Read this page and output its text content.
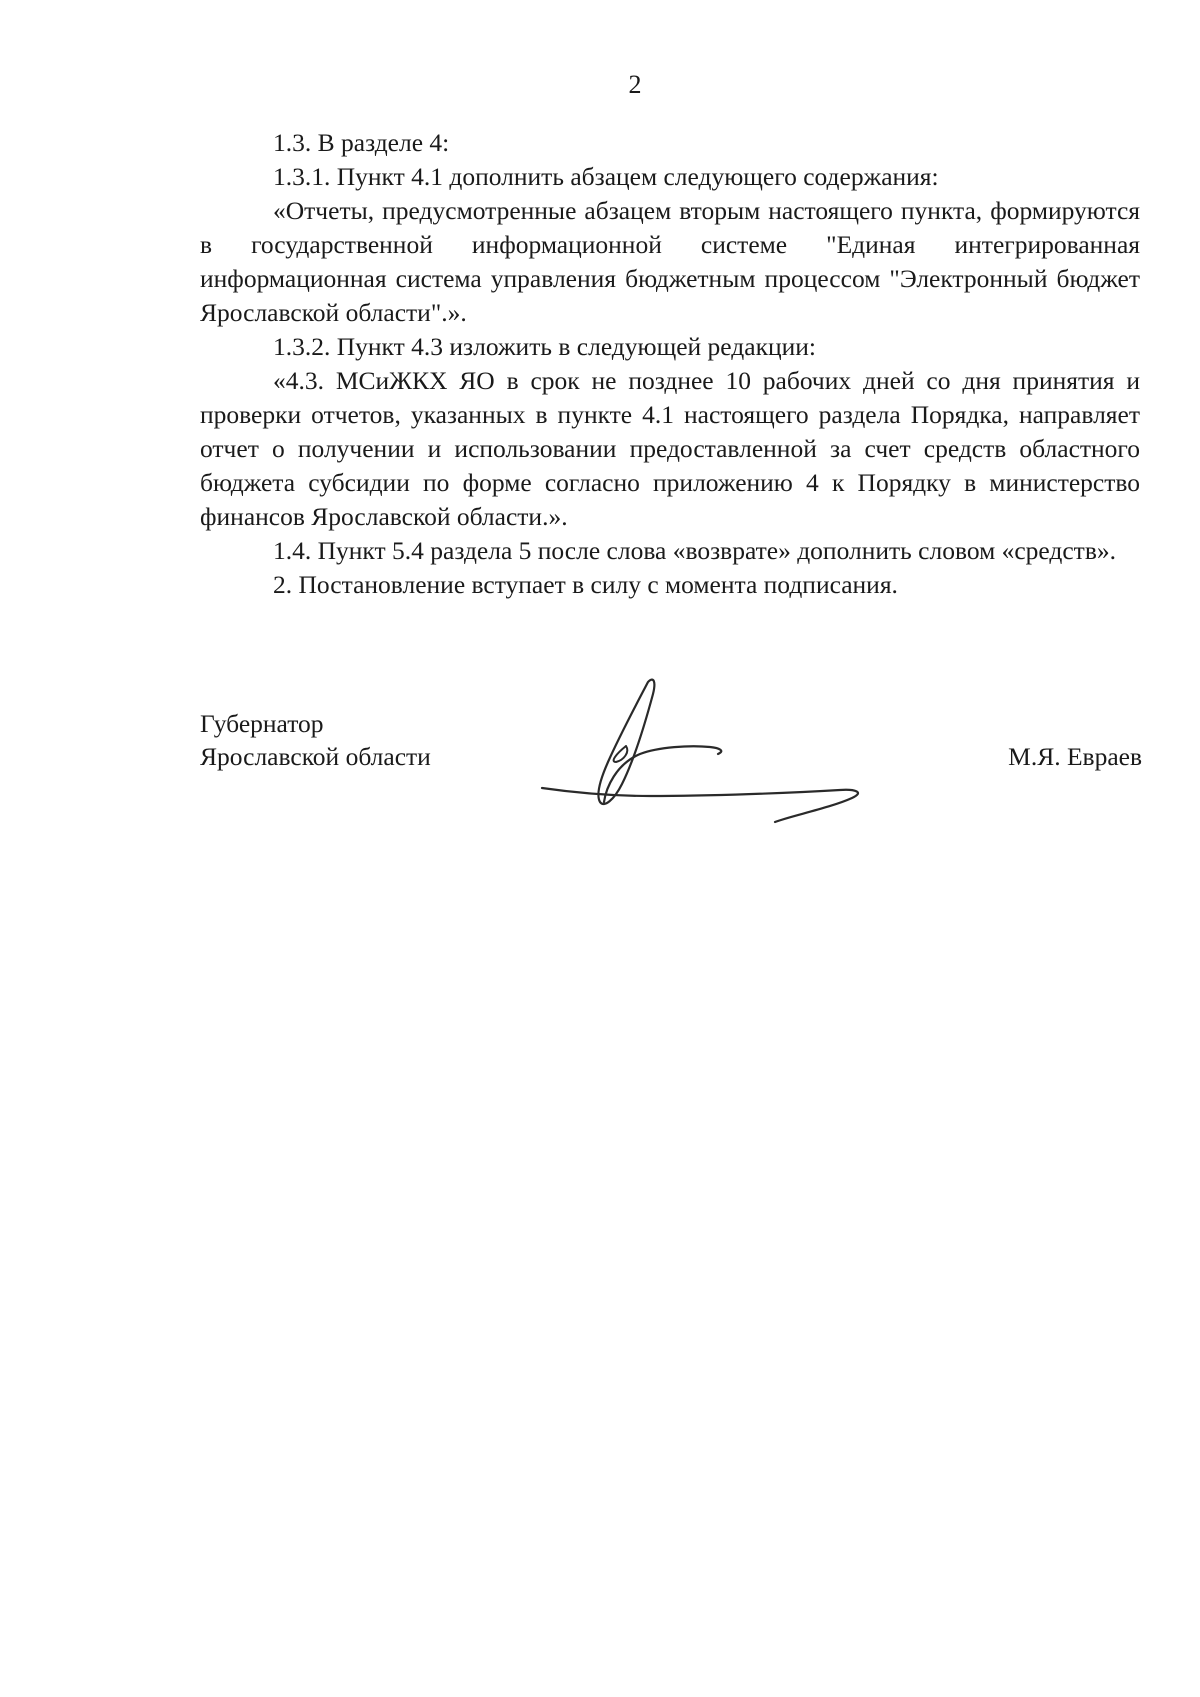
2

1.3. В разделе 4:

1.3.1. Пункт 4.1 дополнить абзацем следующего содержания:

«Отчеты, предусмотренные абзацем вторым настоящего пункта, формируются в государственной информационной системе "Единая интегрированная информационная система управления бюджетным процессом "Электронный бюджет Ярославской области".».

1.3.2. Пункт 4.3 изложить в следующей редакции:

«4.3. МСиЖКХ ЯО в срок не позднее 10 рабочих дней со дня принятия и проверки отчетов, указанных в пункте 4.1 настоящего раздела Порядка, направляет отчет о получении и использовании предоставленной за счет средств областного бюджета субсидии по форме согласно приложению 4 к Порядку в министерство финансов Ярославской области.».

1.4. Пункт 5.4 раздела 5 после слова «возврате» дополнить словом «средств».

2. Постановление вступает в силу с момента подписания.

Губернатор
Ярославской области	М.Я. Евраев
